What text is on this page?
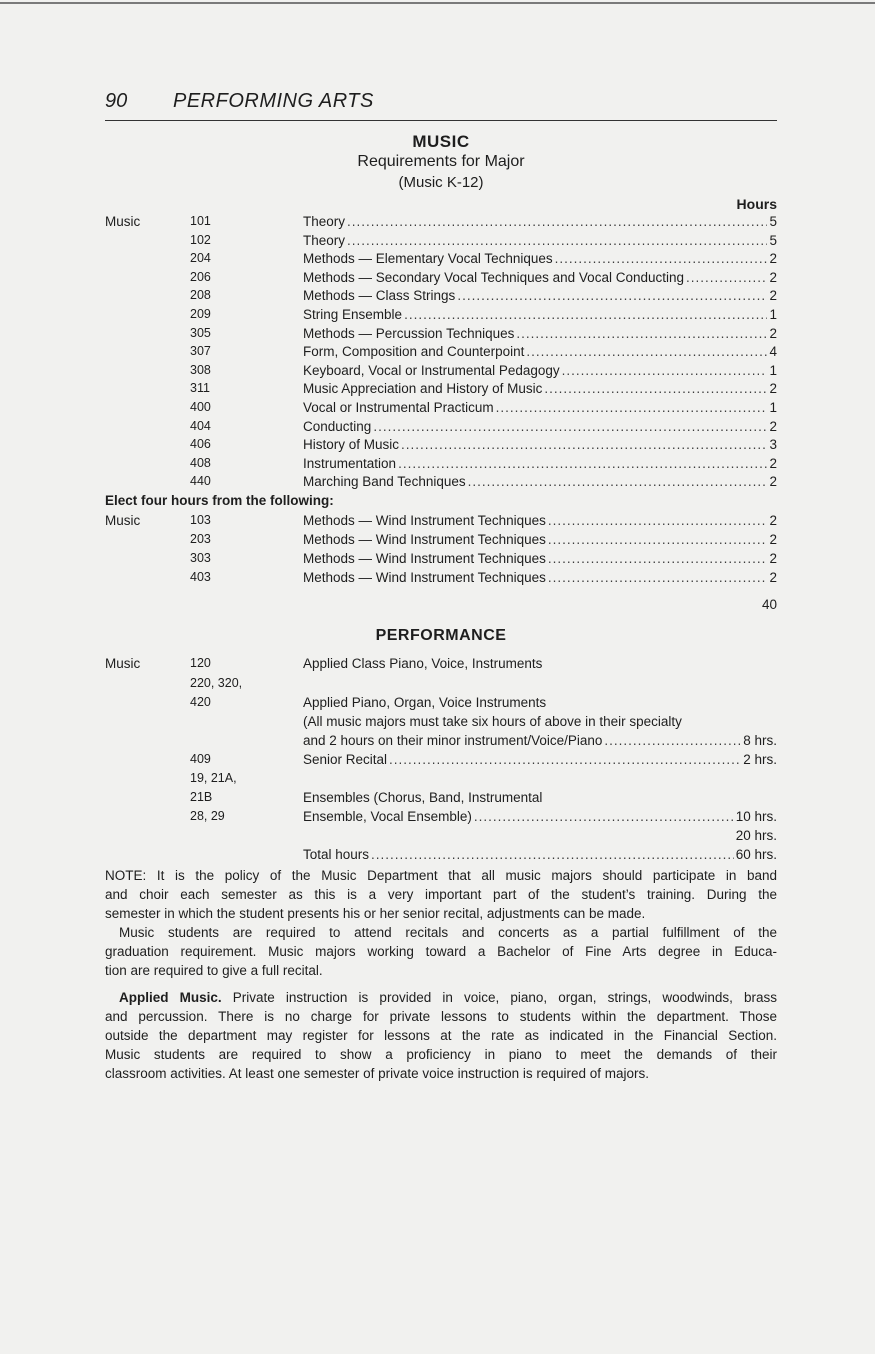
90 PERFORMING ARTS
MUSIC
Requirements for Major
(Music K-12)
Hours
Music	101	Theory .....	5
102	Theory .....	5
204	Methods — Elementary Vocal Techniques .....	2
206	Methods — Secondary Vocal Techniques and Vocal Conducting .....	2
208	Methods — Class Strings .....	2
209	String Ensemble .....	1
305	Methods — Percussion Techniques .....	2
307	Form, Composition and Counterpoint .....	4
308	Keyboard, Vocal or Instrumental Pedagogy .....	1
311	Music Appreciation and History of Music .....	2
400	Vocal or Instrumental Practicum .....	1
404	Conducting .....	2
406	History of Music .....	3
408	Instrumentation .....	2
440	Marching Band Techniques .....	2
Elect four hours from the following:
Music	103	Methods — Wind Instrument Techniques .....	2
203	Methods — Wind Instrument Techniques .....	2
303	Methods — Wind Instrument Techniques .....	2
403	Methods — Wind Instrument Techniques .....	2
40
PERFORMANCE
Music	120	Applied Class Piano, Voice, Instruments
220, 320,
420	Applied Piano, Organ, Voice Instruments
(All music majors must take six hours of above in their specialty
and 2 hours on their minor instrument/Voice/Piano .....	8 hrs.
409	Senior Recital .....	2 hrs.
19, 21A,
21B	Ensembles (Chorus, Band, Instrumental
28, 29	Ensemble, Vocal Ensemble) .....	10 hrs.
20 hrs.
Total hours .....	60 hrs.
NOTE: It is the policy of the Music Department that all music majors should participate in band
and choir each semester as this is a very important part of the student’s training. During the
semester in which the student presents his or her senior recital, adjustments can be made.
Music students are required to attend recitals and concerts as a partial fulfillment of the
graduation requirement. Music majors working toward a Bachelor of Fine Arts degree in Educa-
tion are required to give a full recital.
Applied Music. Private instruction is provided in voice, piano, organ, strings, woodwinds, brass
and percussion. There is no charge for private lessons to students within the department. Those
outside the department may register for lessons at the rate as indicated in the Financial Section.
Music students are required to show a proficiency in piano to meet the demands of their
classroom activities. At least one semester of private voice instruction is required of majors.
